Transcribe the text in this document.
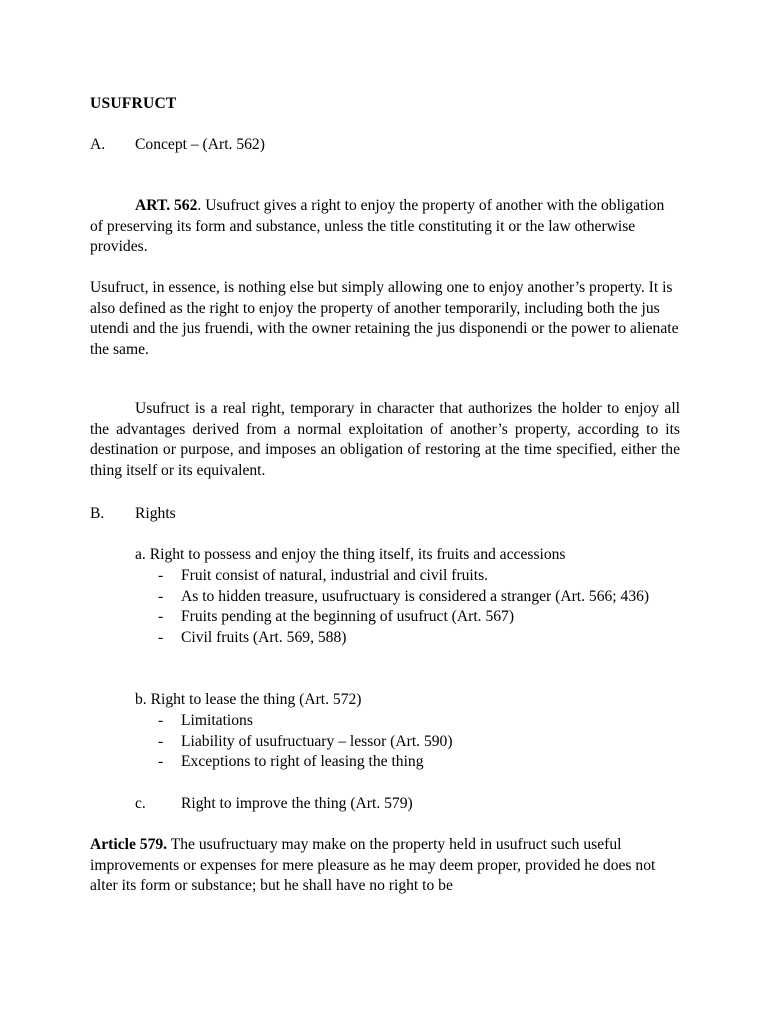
USUFRUCT
A. Concept – (Art. 562)
ART. 562. Usufruct gives a right to enjoy the property of another with the obligation of preserving its form and substance, unless the title constituting it or the law otherwise provides.
Usufruct, in essence, is nothing else but simply allowing one to enjoy another’s property. It is also defined as the right to enjoy the property of another temporarily, including both the jus utendi and the jus fruendi, with the owner retaining the jus disponendi or the power to alienate the same.
Usufruct is a real right, temporary in character that authorizes the holder to enjoy all the advantages derived from a normal exploitation of another’s property, according to its destination or purpose, and imposes an obligation of restoring at the time specified, either the thing itself or its equivalent.
B. Rights
a. Right to possess and enjoy the thing itself, its fruits and accessions
- Fruit consist of natural, industrial and civil fruits.
- As to hidden treasure, usufructuary is considered a stranger (Art. 566; 436)
- Fruits pending at the beginning of usufruct (Art. 567)
- Civil fruits (Art. 569, 588)
b. Right to lease the thing (Art. 572)
- Limitations
- Liability of usufructuary – lessor (Art. 590)
- Exceptions to right of leasing the thing
c. Right to improve the thing (Art. 579)
Article 579. The usufructuary may make on the property held in usufruct such useful improvements or expenses for mere pleasure as he may deem proper, provided he does not alter its form or substance; but he shall have no right to be
